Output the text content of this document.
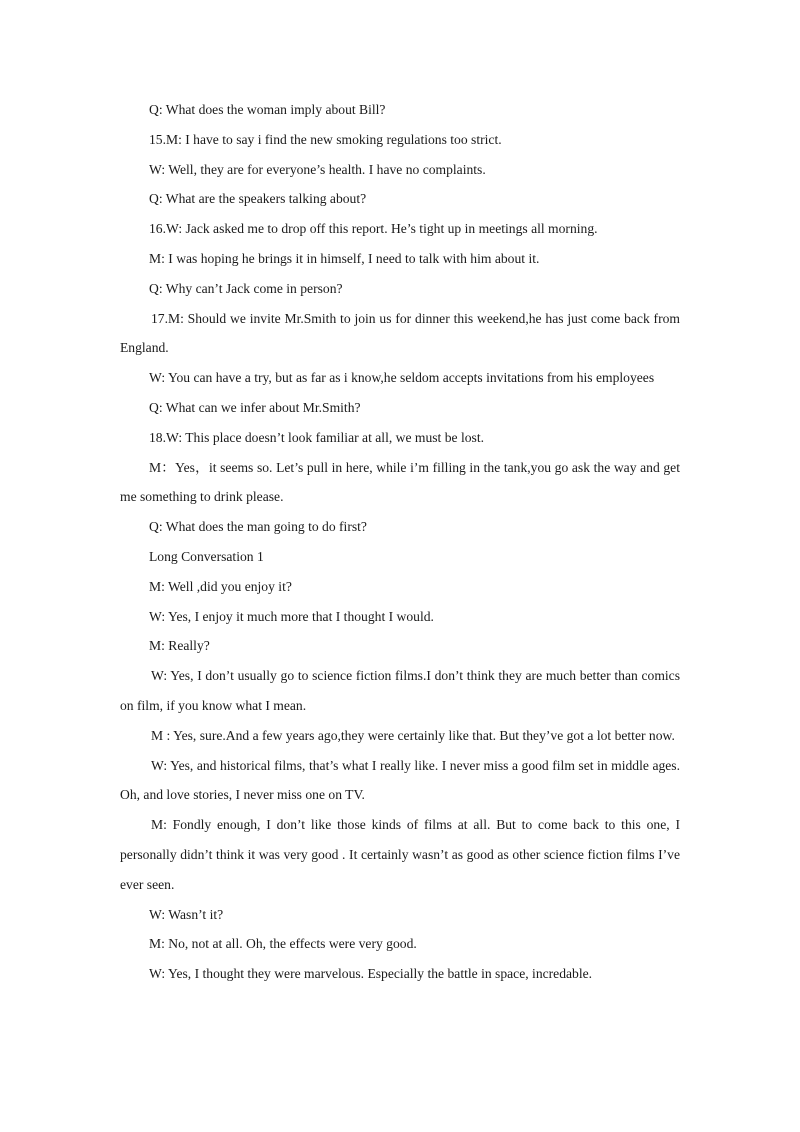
Q: What does the woman imply about Bill?

15.M: I have to say i find the new smoking regulations too strict.

W: Well, they are for everyone’s health. I have no complaints.

Q: What are the speakers talking about?

16.W: Jack asked me to drop off this report. He’s tight up in meetings all morning.

M: I was hoping he brings it in himself, I need to talk with him about it.

Q: Why can’t Jack come in person?

17.M: Should we invite Mr.Smith to join us for dinner this weekend,he has just come back from England.

W: You can have a try, but as far as i know,he seldom accepts invitations from his employees

Q: What can we infer about Mr.Smith?

18.W: This place doesn’t look familiar at all, we must be lost.

M：Yes，it seems so. Let’s pull in here, while i’m filling in the tank,you go ask the way and get me something to drink please.

Q: What does the man going to do first?

Long Conversation 1

M: Well ,did you enjoy it?

W: Yes, I enjoy it much more that I thought I would.

M: Really?

W: Yes, I don’t usually go to science fiction films.I don’t think they are much better than comics on film, if you know what I mean.

M : Yes, sure.And a few years ago,they were certainly like that. But they’ve got a lot better now.

W: Yes, and historical films, that’s what I really like. I never miss a good film set in middle ages. Oh, and love stories, I never miss one on TV.

M: Fondly enough, I don’t like those kinds of films at all. But to come back to this one, I personally didn’t think it was very good . It certainly wasn’t as good as other science fiction films I’ve ever seen.

W: Wasn’t it?

M: No, not at all. Oh, the effects were very good.

W: Yes, I thought they were marvelous. Especially the battle in space, incredable.
